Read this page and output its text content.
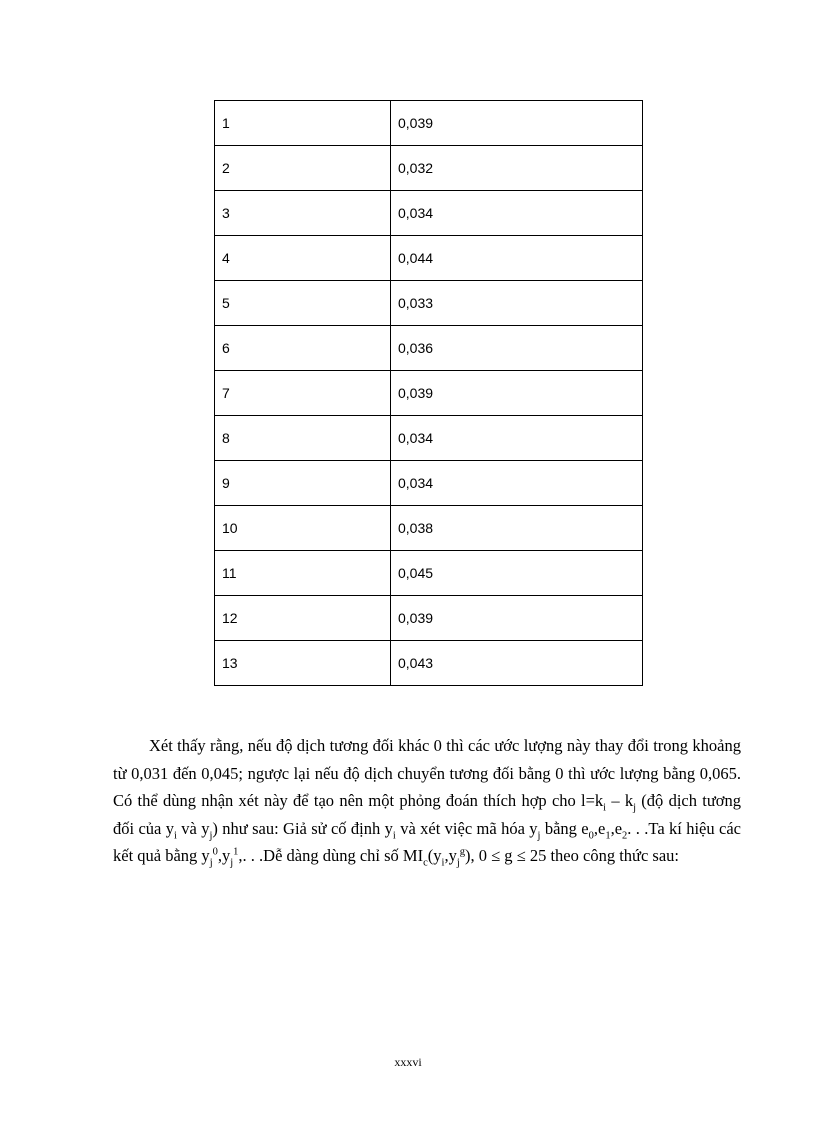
1	0,039
2	0,032
3	0,034
4	0,044
5	0,033
6	0,036
7	0,039
8	0,034
9	0,034
10	0,038
11	0,045
12	0,039
13	0,043

Xét thấy rằng, nếu độ dịch tương đối khác 0 thì các ước lượng này thay đổi trong khoảng từ 0,031 đến 0,045; ngược lại nếu độ dịch chuyển tương đối bằng 0 thì ước lượng bằng 0,065. Có thể dùng nhận xét này để tạo nên một phỏng đoán thích hợp cho $l=k_i - k_j$ (độ dịch tương đối của $y_i$ và $y_j$) như sau: Giả sử cố định $y_i$ và xét việc mã hóa $y_j$ bằng $e_0,e_1,e_2$. . .Ta kí hiệu các kết quả bằng $y_j^0,y_j^1$,. . .Dễ dàng dùng chỉ số $MI_c(y_i,y_j^g)$, 0 ≤ g ≤ 25 theo công thức sau:

xxxvi
